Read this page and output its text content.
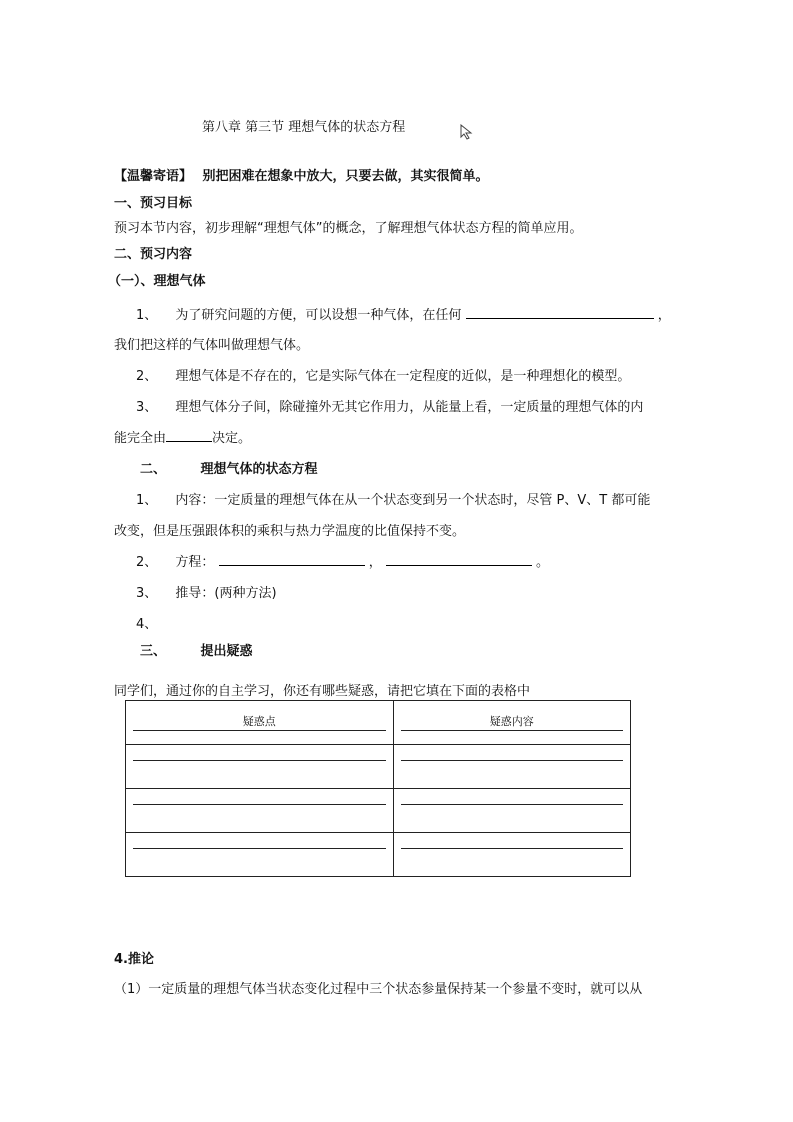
第八章 第三节 理想气体的状态方程
【温馨寄语】 别把困难在想象中放大，只要去做，其实很简单。
一、预习目标
预习本节内容，初步理解“理想气体”的概念，了解理想气体状态方程的简单应用。
二、预习内容
（一）、理想气体
1、 为了研究问题的方便，可以设想一种气体，在任何	，
我们把这样的气体叫做理想气体。
2、 理想气体是不存在的，它是实际气体在一定程度的近似，是一种理想化的模型。
3、 理想气体分子间，除碰撞外无其它作用力，从能量上看，一定质量的理想气体的内
能完全由	决定。
二、	理想气体的状态方程
1、 内容：一定质量的理想气体在从一个状态变到另一个状态时，尽管 P、V、T 都可能
改变，但是压强跟体积的乘积与热力学温度的比值保持不变。
2、 方程：	，	。
3、 推导：(两种方法)
4、
三、	提出疑惑
同学们，通过你的自主学习，你还有哪些疑惑，请把它填在下面的表格中
疑惑点	疑惑内容

4.推论
（1）一定质量的理想气体当状态变化过程中三个状态参量保持某一个参量不变时，就可以从
